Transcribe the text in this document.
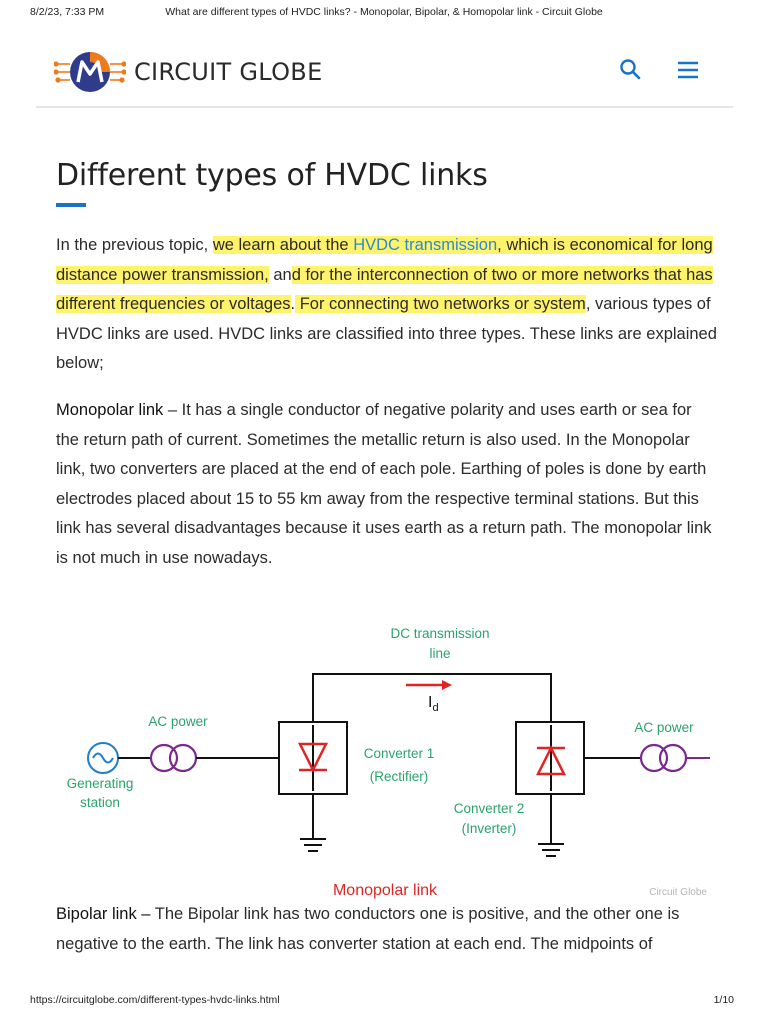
8/2/23, 7:33 PM	What are different types of HVDC links? - Monopolar, Bipolar, & Homopolar link - Circuit Globe
CIRCUIT GLOBE
Different types of HVDC links

In the previous topic, we learn about the HVDC transmission, which is economical for long distance power transmission, and for the interconnection of two or more networks that has different frequencies or voltages. For connecting two networks or system, various types of HVDC links are used. HVDC links are classified into three types. These links are explained below;

Monopolar link – It has a single conductor of negative polarity and uses earth or sea for the return path of current. Sometimes the metallic return is also used. In the Monopolar link, two converters are placed at the end of each pole. Earthing of poles is done by earth electrodes placed about 15 to 55 km away from the respective terminal stations. But this link has several disadvantages because it uses earth as a return path. The monopolar link is not much in use nowadays.

DC transmission
line
$I_d$
Generating
station
AC power
Converter 1
(Rectifier)
Converter 2
(Inverter)
AC power
Monopolar link	Circuit Globe

Bipolar link – The Bipolar link has two conductors one is positive, and the other one is negative to the earth. The link has converter station at each end. The midpoints of

https://circuitglobe.com/different-types-hvdc-links.html	1/10
